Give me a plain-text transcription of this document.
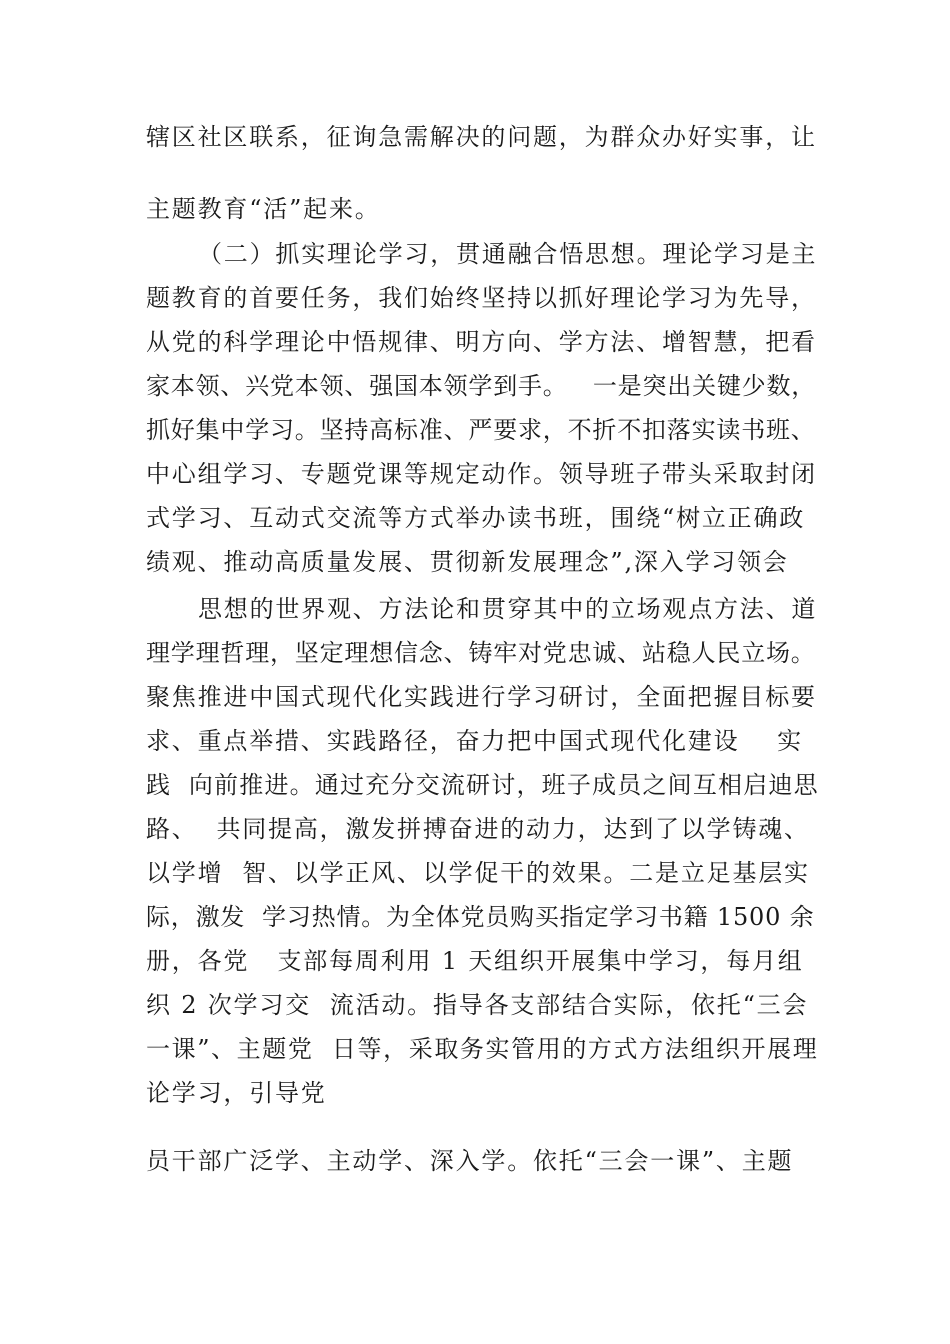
辖区社区联系，征询急需解决的问题，为群众办好实事，让
主题教育“活”起来。
（二）抓实理论学习，贯通融合悟思想。理论学习是主
题教育的首要任务，我们始终坚持以抓好理论学习为先导，
从党的科学理论中悟规律、明方向、学方法、增智慧，把看
家本领、兴党本领、强国本领学到手。   一是突出关键少数，
抓好集中学习。坚持高标准、严要求，不折不扣落实读书班、
中心组学习、专题党课等规定动作。领导班子带头采取封闭
式学习、互动式交流等方式举办读书班，围绕“树立正确政
绩观、推动高质量发展、贯彻新发展理念”,深入学习领会
思想的世界观、方法论和贯穿其中的立场观点方法、道
理学理哲理，坚定理想信念、铸牢对党忠诚、站稳人民立场。
聚焦推进中国式现代化实践进行学习研讨，全面把握目标要
求、重点举措、实践路径，奋力把中国式现代化建设    实
践  向前推进。通过充分交流研讨，班子成员之间互相启迪思
路、  共同提高，激发拼搏奋进的动力，达到了以学铸魂、
以学增  智、以学正风、以学促干的效果。二是立足基层实
际，激发  学习热情。为全体党员购买指定学习书籍 1500 余
册，各党   支部每周利用 1 天组织开展集中学习，每月组
织 2 次学习交  流活动。指导各支部结合实际，依托“三会
一课”、主题党  日等，采取务实管用的方式方法组织开展理
论学习，引导党
员干部广泛学、主动学、深入学。依托“三会一课”、主题
